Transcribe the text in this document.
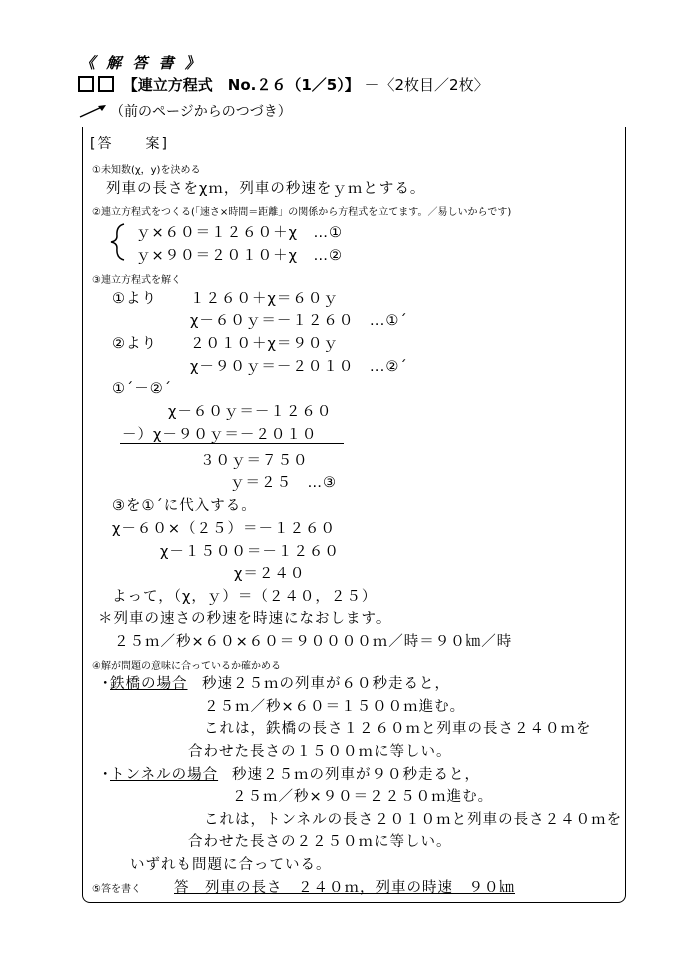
《 解 答 書 》
【連立方程式　No.２６（1／5）】 －〈2枚目／2枚〉
（前のページからのつづき）
[答　　案]
①未知数(χ，y)を決める
列車の長さをχｍ，列車の秒速をｙｍとする。
②連立方程式をつくる(「速さ×時間＝距離」の関係から方程式を立てます。／易しいからです)
ｙ×６０＝１２６０＋χ　…①
ｙ×９０＝２０１０＋χ　…②
③連立方程式を解く
①より １２６０＋χ＝６０ｙ
χ－６０ｙ＝－１２６０　…①´
②より ２０１０＋χ＝９０ｙ
χ－９０ｙ＝－２０１０　…②´
①´－②´
χ－６０ｙ＝－１２６０
－）χ－９０ｙ＝－２０１０
３０ｙ＝７５０
ｙ＝２５　…③
③を①´に代入する。
χ－６０×（２５）＝－１２６０
χ－１５００＝－１２６０
χ＝２４０
よって，（χ，ｙ）＝（２４０，２５）
＊列車の速さの秒速を時速になおします。
２５ｍ／秒×６０×６０＝９００００ｍ／時＝９０㎞／時
④解が問題の意味に合っているか確かめる
・
鉄橋の場合 秒速２５ｍの列車が６０秒走ると，
２５ｍ／秒×６０＝１５００ｍ進む。
これは，鉄橋の長さ１２６０ｍと列車の長さ２４０ｍを
合わせた長さの１５００ｍに等しい。
・
トンネルの場合 秒速２５ｍの列車が９０秒走ると，
２５ｍ／秒×９０＝２２５０ｍ進む。
これは，トンネルの長さ２０１０ｍと列車の長さ２４０ｍを
合わせた長さの２２５０ｍに等しい。
いずれも問題に合っている。
⑤答を書く 答　列車の長さ　２４０ｍ，列車の時速　９０㎞
